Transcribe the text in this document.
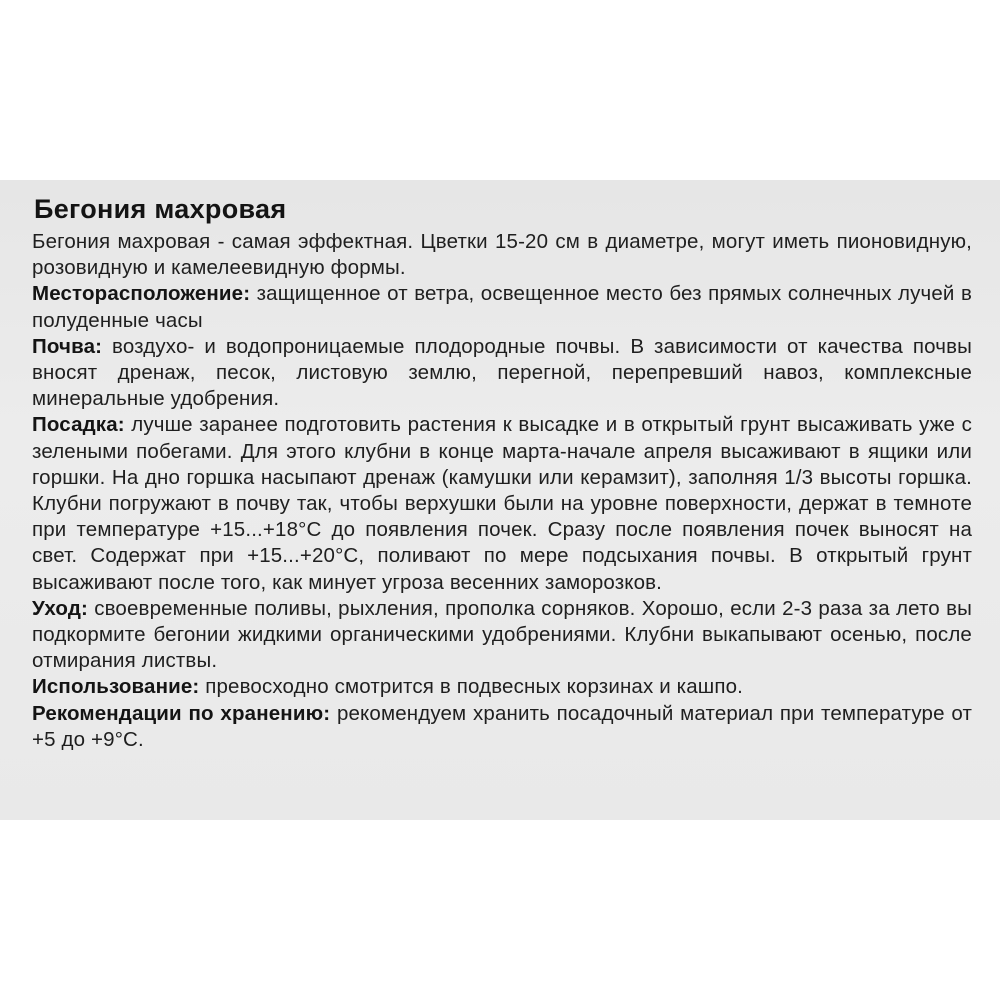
Бегония махровая

Бегония махровая - самая эффектная. Цветки 15-20 см в диаметре, могут иметь пионовидную, розовидную и камелеевидную формы.

Месторасположение: защищенное от ветра, освещенное место без прямых солнечных лучей в полуденные часы

Почва: воздухо- и водопроницаемые плодородные почвы. В зависимости от качества почвы вносят дренаж, песок, листовую землю, перегной, перепревший навоз, комплексные минеральные удобрения.

Посадка: лучше заранее подготовить растения к высадке и в открытый грунт высаживать уже с зелеными побегами. Для этого клубни в конце марта-начале апреля высаживают в ящики или горшки. На дно горшка насыпают дренаж (камушки или керамзит), заполняя 1/3 высоты горшка. Клубни погружают в почву так, чтобы верхушки были на уровне поверхности, держат в темноте при температуре +15...+18°С до появления почек. Сразу после появления почек выносят на свет. Содержат при +15...+20°С, поливают по мере подсыхания почвы. В открытый грунт высаживают после того, как минует угроза весенних заморозков.

Уход: своевременные поливы, рыхления, прополка сорняков. Хорошо, если 2-3 раза за лето вы подкормите бегонии жидкими органическими удобрениями. Клубни выкапывают осенью, после отмирания листвы.

Использование: превосходно смотрится в подвесных корзинах и кашпо.

Рекомендации по хранению: рекомендуем хранить посадочный материал при температуре от +5 до +9°С.
